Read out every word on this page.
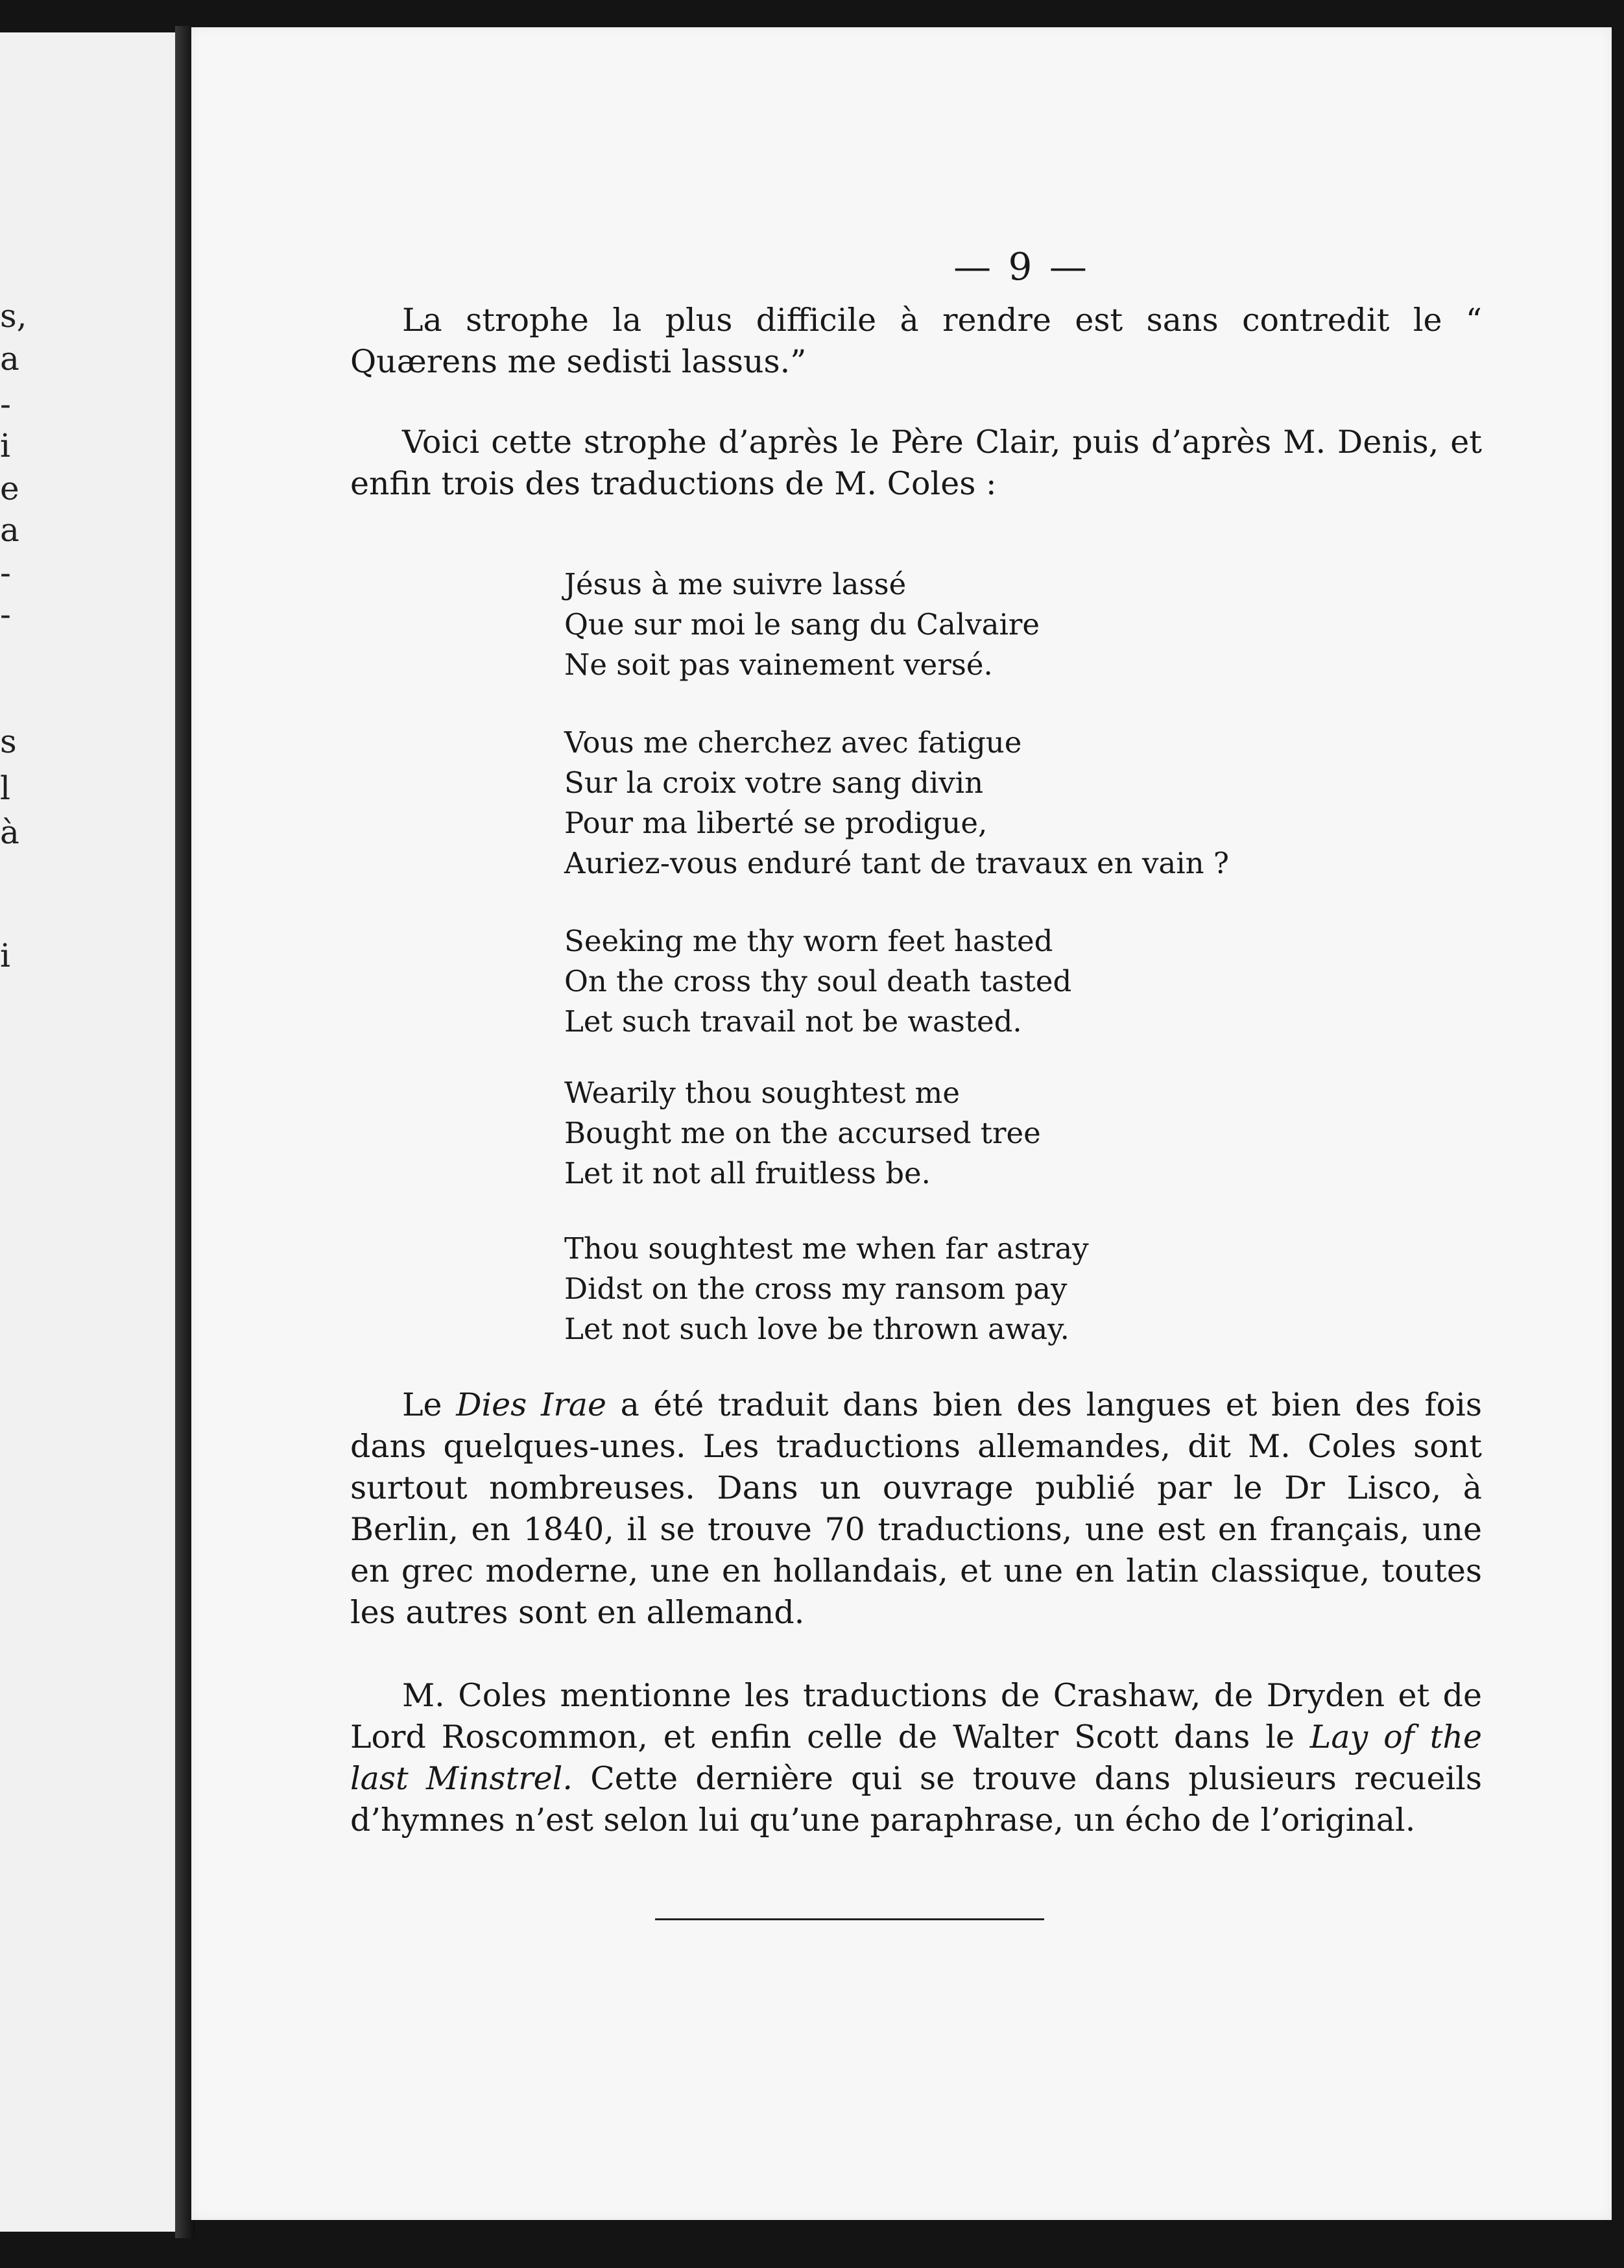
s,
a
-
i
e
a
-
-
s
l
à
i
— 9 —

La strophe la plus difficile à rendre est sans contredit le “ Quærens me sedisti lassus.”

Voici cette strophe d’après le Père Clair, puis d’après M. Denis, et enfin trois des traductions de M. Coles :

Jésus à me suivre lassé
Que sur moi le sang du Calvaire
Ne soit pas vainement versé.
Vous me cherchez avec fatigue
Sur la croix votre sang divin
Pour ma liberté se prodigue,
Auriez-vous enduré tant de travaux en vain ?
Seeking me thy worn feet hasted
On the cross thy soul death tasted
Let such travail not be wasted.
Wearily thou soughtest me
Bought me on the accursed tree
Let it not all fruitless be.
Thou soughtest me when far astray
Didst on the cross my ransom pay
Let not such love be thrown away.

Le Dies Irae a été traduit dans bien des langues et bien des fois dans quelques-unes. Les traductions allemandes, dit M. Coles sont surtout nombreuses. Dans un ouvrage publié par le Dr Lisco, à Berlin, en 1840, il se trouve 70 traductions, une est en français, une en grec moderne, une en hollandais, et une en latin classique, toutes les autres sont en allemand.

M. Coles mentionne les traductions de Crashaw, de Dryden et de Lord Roscommon, et enfin celle de Walter Scott dans le Lay of the last Minstrel. Cette dernière qui se trouve dans plusieurs recueils d’hymnes n’est selon lui qu’une paraphrase, un écho de l’original.
